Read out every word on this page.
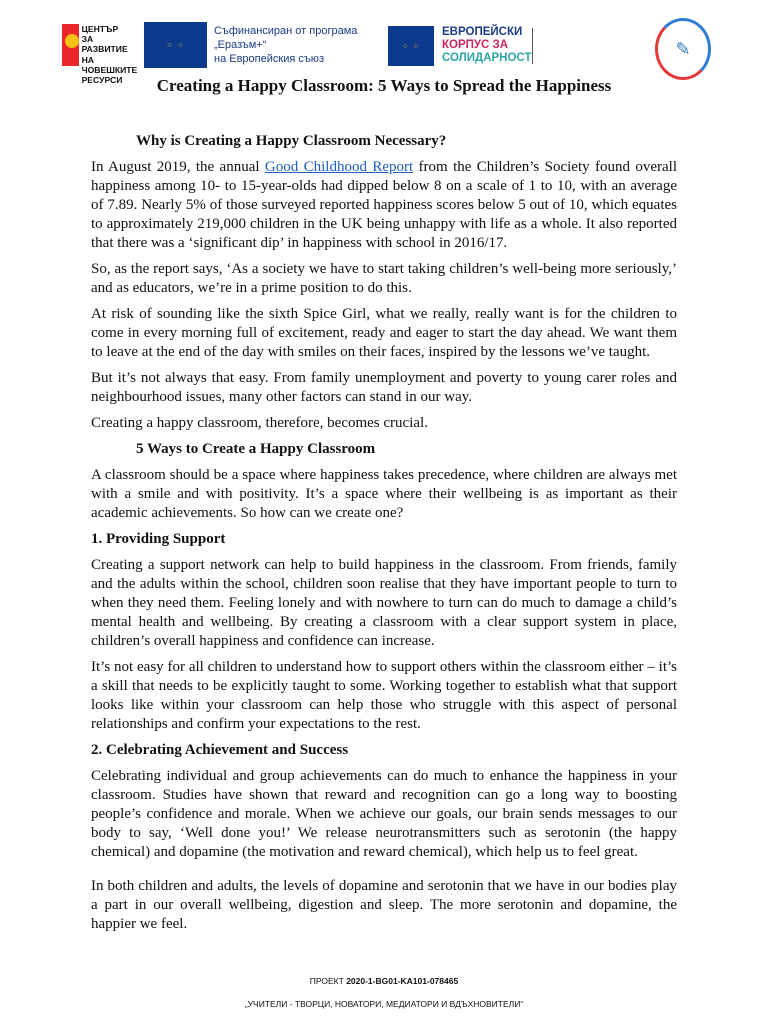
ЦЕНТЪР
ЗА РАЗВИТИЕ
НА ЧОВЕШКИТЕ
РЕСУРСИ
⁘ ⁘
Съфинансиран от програма
„Еразъм+“
на Европейския съюз
⁘ ⁘
ЕВРОПЕЙСКИ
КОРПУС ЗА
СОЛИДАРНОСТ	✎
Creating a Happy Classroom: 5 Ways to Spread the Happiness
Why is Creating a Happy Classroom Necessary?

In August 2019, the annual Good Childhood Report from the Children’s Society found overall happiness among 10- to 15-year-olds had dipped below 8 on a scale of 1 to 10, with an average of 7.89. Nearly 5% of those surveyed reported happiness scores below 5 out of 10, which equates to approximately 219,000 children in the UK being unhappy with life as a whole. It also reported that there was a ‘significant dip’ in happiness with school in 2016/17.

So, as the report says, ‘As a society we have to start taking children’s well-being more seriously,’ and as educators, we’re in a prime position to do this.

At risk of sounding like the sixth Spice Girl, what we really, really want is for the children to come in every morning full of excitement, ready and eager to start the day ahead. We want them to leave at the end of the day with smiles on their faces, inspired by the lessons we’ve taught.

But it’s not always that easy. From family unemployment and poverty to young carer roles and neighbourhood issues, many other factors can stand in our way.

Creating a happy classroom, therefore, becomes crucial.

5 Ways to Create a Happy Classroom

A classroom should be a space where happiness takes precedence, where children are always met with a smile and with positivity. It’s a space where their wellbeing is as important as their academic achievements. So how can we create one?

1. Providing Support

Creating a support network can help to build happiness in the classroom. From friends, family and the adults within the school, children soon realise that they have important people to turn to when they need them. Feeling lonely and with nowhere to turn can do much to damage a child’s mental health and wellbeing. By creating a classroom with a clear support system in place, children’s overall happiness and confidence can increase.

It’s not easy for all children to understand how to support others within the classroom either – it’s a skill that needs to be explicitly taught to some. Working together to establish what that support looks like within your classroom can help those who struggle with this aspect of personal relationships and confirm your expectations to the rest.

2. Celebrating Achievement and Success

Celebrating individual and group achievements can do much to enhance the happiness in your classroom. Studies have shown that reward and recognition can go a long way to boosting people’s confidence and morale. When we achieve our goals, our brain sends messages to our body to say, ‘Well done you!’ We release neurotransmitters such as serotonin (the happy chemical) and dopamine (the motivation and reward chemical), which help us to feel great.

In both children and adults, the levels of dopamine and serotonin that we have in our bodies play a part in our overall wellbeing, digestion and sleep. The more serotonin and dopamine, the happier we feel.

ПРОЕКТ 2020-1-BG01-KA101-078465
„УЧИТЕЛИ - ТВОРЦИ, НОВАТОРИ, МЕДИАТОРИ И ВДЪХНОВИТЕЛИ“
